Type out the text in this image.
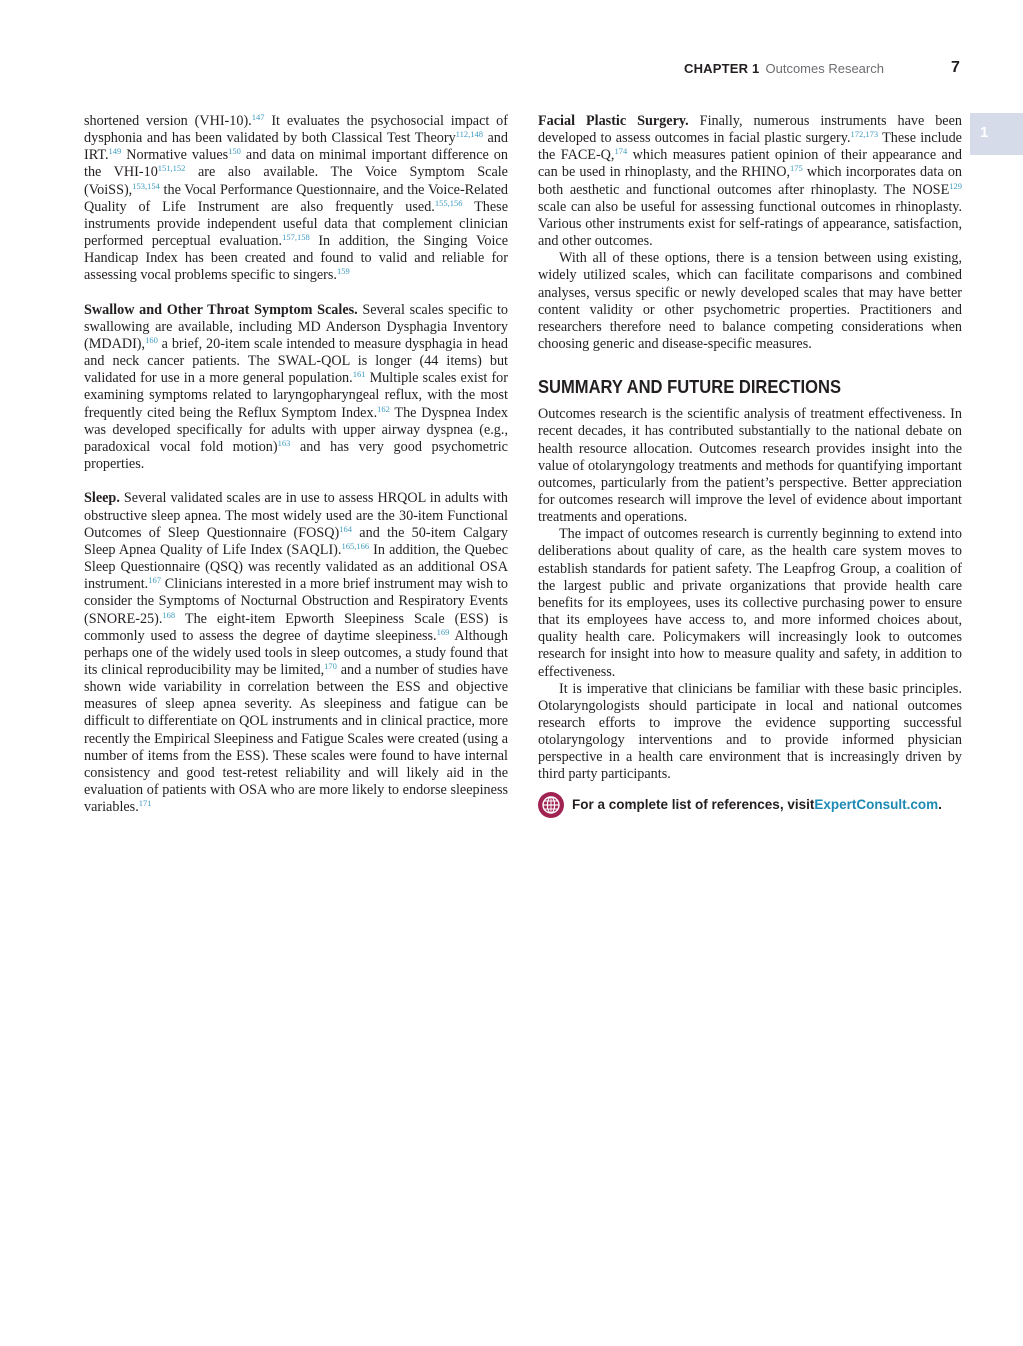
CHAPTER 1 Outcomes Research	7
1

shortened version (VHI-10).$^{147}$ It evaluates the psychosocial impact of dysphonia and has been validated by both Classical Test Theory$^{112,148}$ and IRT.$^{149}$ Normative values$^{150}$ and data on minimal important difference on the VHI-10$^{151,152}$ are also available. The Voice Symptom Scale (VoiSS),$^{153,154}$ the Vocal Performance Questionnaire, and the Voice-Related Quality of Life Instrument are also frequently used.$^{155,156}$ These instruments provide independent useful data that complement clinician performed perceptual evaluation.$^{157,158}$ In addition, the Singing Voice Handicap Index has been created and found to valid and reliable for assessing vocal problems specific to singers.$^{159}$

Swallow and Other Throat Symptom Scales. Several scales specific to swallowing are available, including MD Anderson Dysphagia Inventory (MDADI),$^{160}$ a brief, 20-item scale intended to measure dysphagia in head and neck cancer patients. The SWAL-QOL is longer (44 items) but validated for use in a more general population.$^{161}$ Multiple scales exist for examining symptoms related to laryngopharyngeal reflux, with the most frequently cited being the Reflux Symptom Index.$^{162}$ The Dyspnea Index was developed specifically for adults with upper airway dyspnea (e.g., paradoxical vocal fold motion)$^{163}$ and has very good psychometric properties.

Sleep. Several validated scales are in use to assess HRQOL in adults with obstructive sleep apnea. The most widely used are the 30-item Functional Outcomes of Sleep Questionnaire (FOSQ)$^{164}$ and the 50-item Calgary Sleep Apnea Quality of Life Index (SAQLI).$^{165,166}$ In addition, the Quebec Sleep Questionnaire (QSQ) was recently validated as an additional OSA instrument.$^{167}$ Clinicians interested in a more brief instrument may wish to consider the Symptoms of Nocturnal Obstruction and Respiratory Events (SNORE-25).$^{168}$ The eight-item Epworth Sleepiness Scale (ESS) is commonly used to assess the degree of daytime sleepiness.$^{169}$ Although perhaps one of the widely used tools in sleep outcomes, a study found that its clinical reproducibility may be limited,$^{170}$ and a number of studies have shown wide variability in correlation between the ESS and objective measures of sleep apnea severity. As sleepiness and fatigue can be difficult to differentiate on QOL instruments and in clinical practice, more recently the Empirical Sleepiness and Fatigue Scales were created (using a number of items from the ESS). These scales were found to have internal consistency and good test-retest reliability and will likely aid in the evaluation of patients with OSA who are more likely to endorse sleepiness variables.$^{171}$

Facial Plastic Surgery. Finally, numerous instruments have been developed to assess outcomes in facial plastic surgery.$^{172,173}$ These include the FACE-Q,$^{174}$ which measures patient opinion of their appearance and can be used in rhinoplasty, and the RHINO,$^{175}$ which incorporates data on both aesthetic and functional outcomes after rhinoplasty. The NOSE$^{129}$ scale can also be useful for assessing functional outcomes in rhinoplasty. Various other instruments exist for self-ratings of appearance, satisfaction, and other outcomes.

With all of these options, there is a tension between using existing, widely utilized scales, which can facilitate comparisons and combined analyses, versus specific or newly developed scales that may have better content validity or other psychometric properties. Practitioners and researchers therefore need to balance competing considerations when choosing generic and disease-specific measures.

SUMMARY AND FUTURE DIRECTIONS

Outcomes research is the scientific analysis of treatment effectiveness. In recent decades, it has contributed substantially to the national debate on health resource allocation. Outcomes research provides insight into the value of otolaryngology treatments and methods for quantifying important outcomes, particularly from the patient’s perspective. Better appreciation for outcomes research will improve the level of evidence about important treatments and operations.

The impact of outcomes research is currently beginning to extend into deliberations about quality of care, as the health care system moves to establish standards for patient safety. The Leapfrog Group, a coalition of the largest public and private organizations that provide health care benefits for its employees, uses its collective purchasing power to ensure that its employees have access to, and more informed choices about, quality health care. Policymakers will increasingly look to outcomes research for insight into how to measure quality and safety, in addition to effectiveness.

It is imperative that clinicians be familiar with these basic principles. Otolaryngologists should participate in local and national outcomes research efforts to improve the evidence supporting successful otolaryngology interventions and to provide informed physician perspective in a health care environment that is increasingly driven by third party participants.

For a complete list of references, visit ExpertConsult.com .
